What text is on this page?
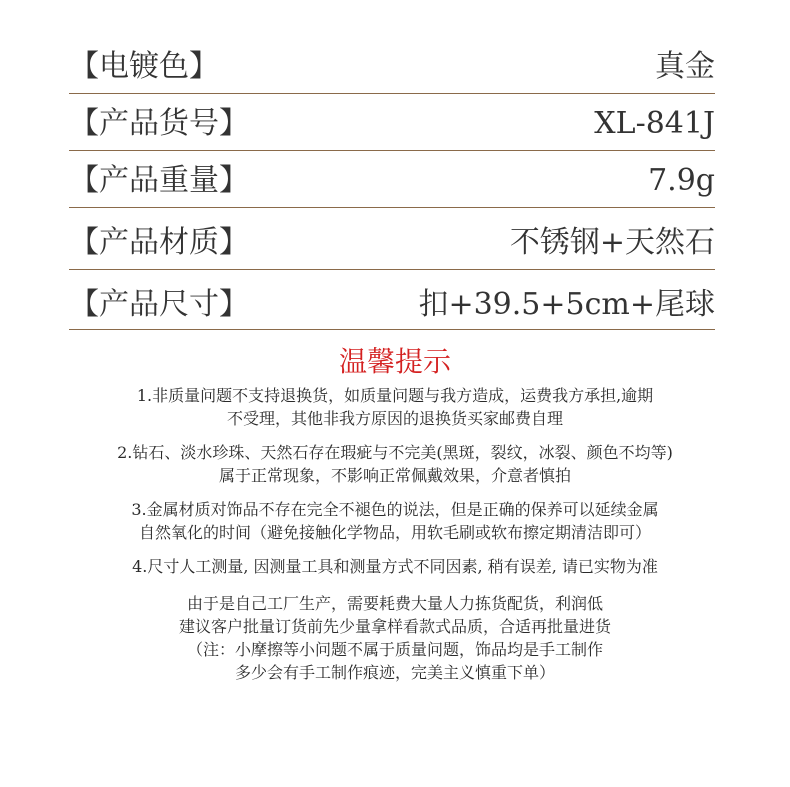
【电镀色】	真金
【产品货号】	XL-841J
【产品重量】	7.9g
【产品材质】	不锈钢+天然石
【产品尺寸】	扣+39.5+5cm+尾球
温馨提示
1.非质量问题不支持退换货，如质量问题与我方造成，运费我方承担,逾期
不受理，其他非我方原因的退换货买家邮费自理
2.钻石、淡水珍珠、天然石存在瑕疵与不完美(黑斑，裂纹，冰裂、颜色不均等)
属于正常现象，不影响正常佩戴效果，介意者慎拍
3.金属材质对饰品不存在完全不褪色的说法，但是正确的保养可以延续金属
自然氧化的时间（避免接触化学物品，用软毛刷或软布擦定期清洁即可）
4.尺寸人工测量, 因测量工具和测量方式不同因素, 稍有误差, 请已实物为准
由于是自己工厂生产，需要耗费大量人力拣货配货，利润低
建议客户批量订货前先少量拿样看款式品质，合适再批量进货
（注：小摩擦等小问题不属于质量问题，饰品均是手工制作
多少会有手工制作痕迹，完美主义慎重下单）
